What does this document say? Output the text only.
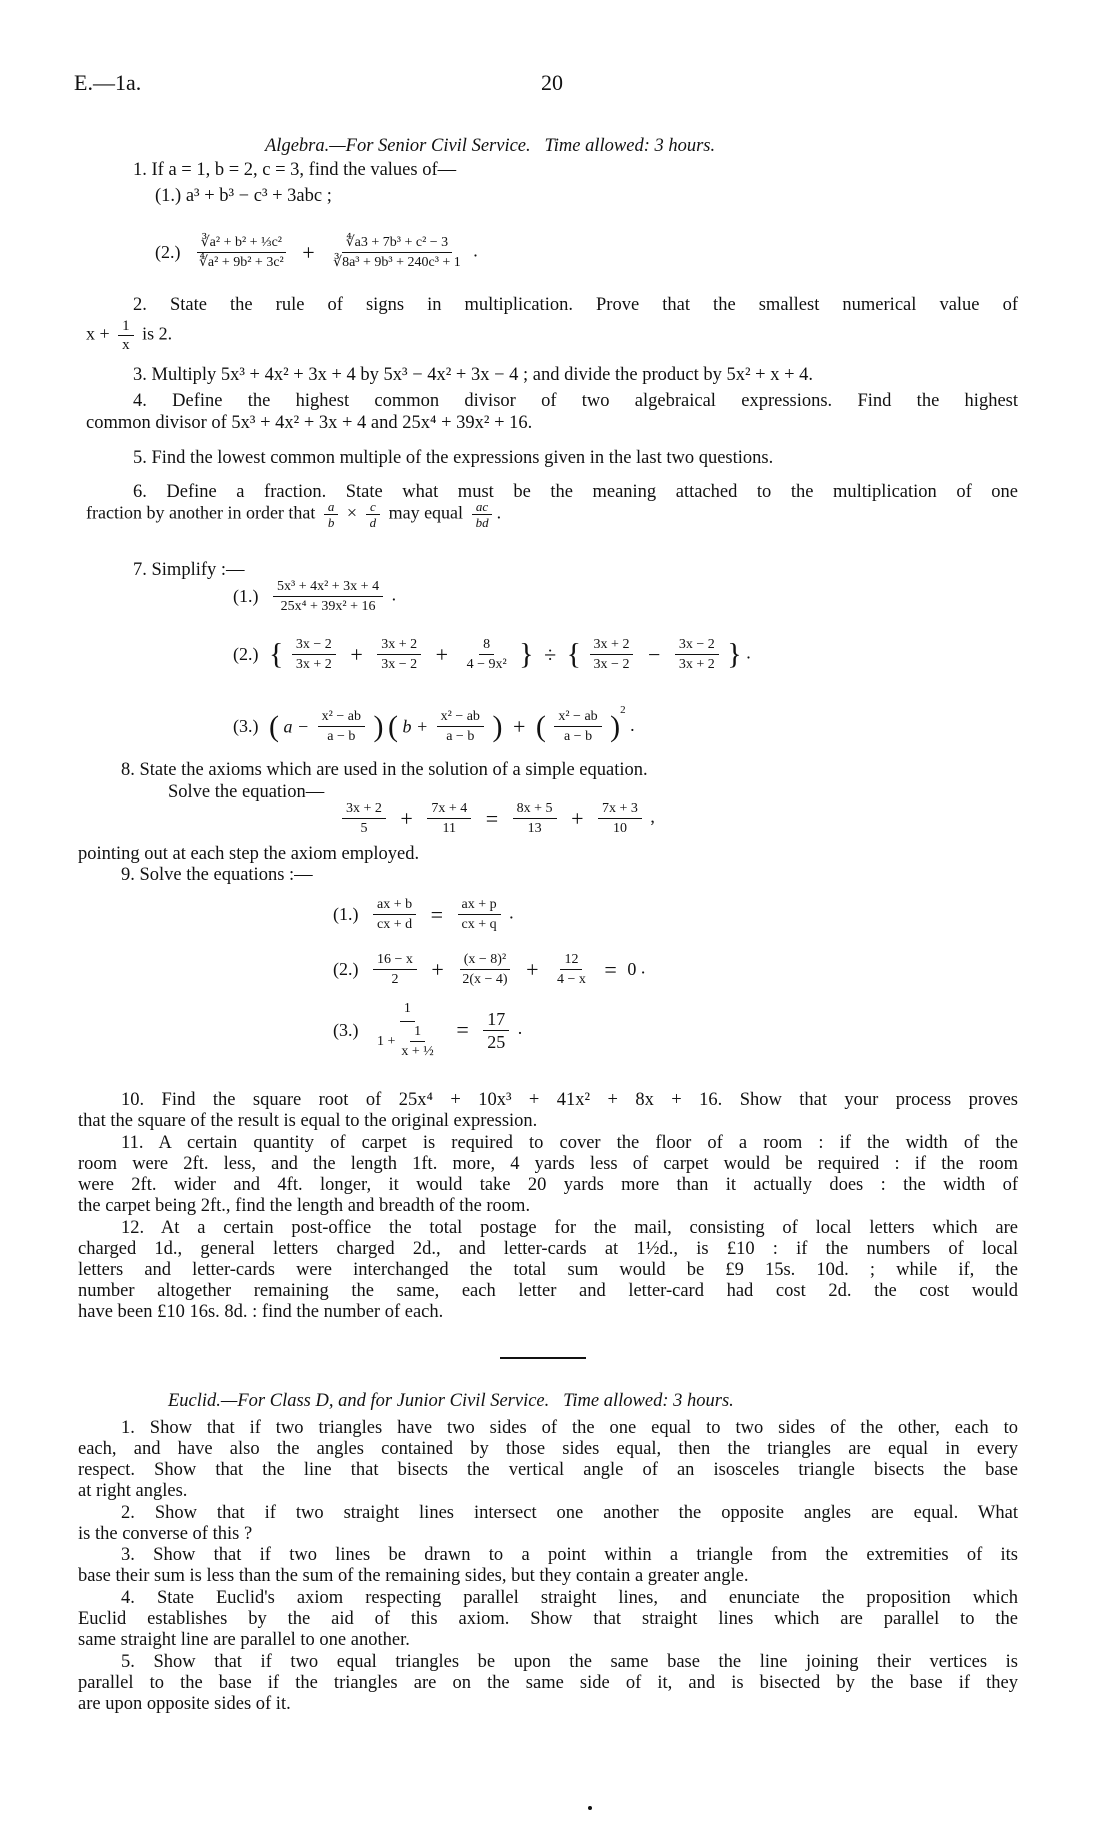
E.—1a.	20
Algebra.—For Senior Civil Service.   Time allowed: 3 hours.
1. If a = 1, b = 2, c = 3, find the values of—
(1.) a³ + b³ − c³ + 3abc ;
$(2.) \frac{\text{∛a² + b² + ⅓c²}}{\text{∜a² + 9b² + 3c²}} + \frac{\text{∜a3 + 7b³ + c² − 3}}{\text{∛8a³ + 9b³ + 240c³ + 1}}$ .
2. State the rule of signs in multiplication. Prove that the smallest numerical value of
$x + \frac{1}{x}$ is 2.
3. Multiply 5x³ + 4x² + 3x + 4 by 5x³ − 4x² + 3x − 4 ; and divide the product by 5x² + x + 4.
4. Define the highest common divisor of two algebraical expressions. Find the highest
common divisor of 5x³ + 4x² + 3x + 4 and 25x⁴ + 39x² + 16.
5. Find the lowest common multiple of the expressions given in the last two questions.
6. Define a fraction. State what must be the meaning attached to the multiplication of one
fraction by another in order that $\frac{a}{b} \times \frac{c}{d}$ may equal $\frac{ac}{bd}$ .
7. Simplify :—
$(1.) \frac{\text{5x³ + 4x² + 3x + 4}}{\text{25x⁴ + 39x² + 16}}$ .
(2.) { $\frac{3x - 2}{3x + 2} + \frac{3x + 2}{3x - 2} + \frac{8}{\text{4 − 9x²}}$ } ÷ { $\frac{3x + 2}{3x - 2} - \frac{3x - 2}{3x + 2}$ } .
(3.) ( $a - \frac{\text{x² − ab}}{a - b}$ ) ( $b + \frac{\text{x² − ab}}{a - b}$ ) + ( $\frac{\text{x² − ab}}{a - b} )^2$ .
8. State the axioms which are used in the solution of a simple equation.
Solve the equation—
$\frac{3x + 2}{5} + \frac{7x + 4}{11} = \frac{8x + 5}{13} + \frac{7x + 3}{10}$ ,
pointing out at each step the axiom employed.
9. Solve the equations :—
$(1.) \frac{ax + b}{cx + d} = \frac{ax + p}{cx + q}$ .
$(2.) \frac{16 - x}{2} + \frac{\text{(x − 8)²}}{2(x - 4)} + \frac{12}{4 - x} = 0$ .
$(3.) \frac{1}{1 + \frac{1}{\text{x + ½}}} = \frac{17}{25}$ .
10. Find the square root of 25x⁴ + 10x³ + 41x² + 8x + 16. Show that your process proves
that the square of the result is equal to the original expression.
11. A certain quantity of carpet is required to cover the floor of a room : if the width of the
room were 2ft. less, and the length 1ft. more, 4 yards less of carpet would be required : if the room
were 2ft. wider and 4ft. longer, it would take 20 yards more than it actually does : the width of
the carpet being 2ft., find the length and breadth of the room.
12. At a certain post-office the total postage for the mail, consisting of local letters which are
charged 1d., general letters charged 2d., and letter-cards at 1½d., is £10 : if the numbers of local
letters and letter-cards were interchanged the total sum would be £9 15s. 10d. ; while if, the
number altogether remaining the same, each letter and letter-card had cost 2d. the cost would
have been £10 16s. 8d. : find the number of each.
Euclid.—For Class D, and for Junior Civil Service.   Time allowed: 3 hours.
1. Show that if two triangles have two sides of the one equal to two sides of the other, each to
each, and have also the angles contained by those sides equal, then the triangles are equal in every
respect. Show that the line that bisects the vertical angle of an isosceles triangle bisects the base
at right angles.
2. Show that if two straight lines intersect one another the opposite angles are equal. What
is the converse of this ?
3. Show that if two lines be drawn to a point within a triangle from the extremities of its
base their sum is less than the sum of the remaining sides, but they contain a greater angle.
4. State Euclid's axiom respecting parallel straight lines, and enunciate the proposition which
Euclid establishes by the aid of this axiom. Show that straight lines which are parallel to the
same straight line are parallel to one another.
5. Show that if two equal triangles be upon the same base the line joining their vertices is
parallel to the base if the triangles are on the same side of it, and is bisected by the base if they
are upon opposite sides of it.
